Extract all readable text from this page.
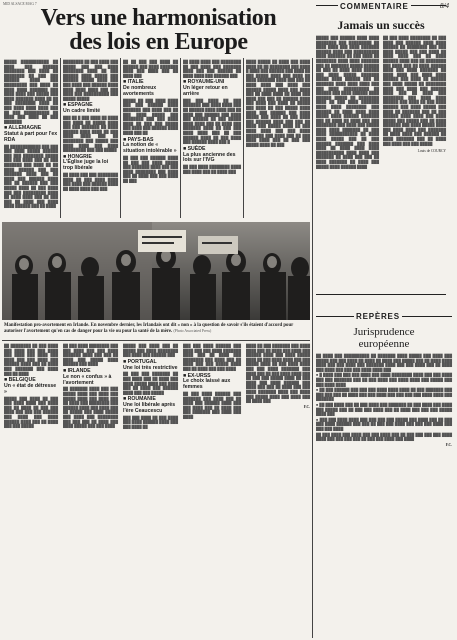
MID ALSACE MAG 7
Vers une harmonisation
des lois en Europe
COMMENTAIRE	8/4
Jamais un succès

█████ ███ ██████ ████ ████ ████████ ███ █████████ ██ ████ ████ ███ ████ ███████ ██████ ████ ███ ██████████ ████ ███████ ██ ███ ████ ██ ████████ ████ ████ ███████ ███ ██ ███████ █████ ██████ ██ ███ ██ ████ ████ ██████ ███ ████ █████ ███████ █████ ████ ██████ ███ ██ ███████ ████ ████ ████ ███ ███ ████ ██████████ ██ ██████ ███ ████ ██████ ████ ██████ █████ ██ ████████ ████ ██ ███ ████ ███████ ████ ████ ████████ ███ ██████ ██ ████ ████ ████ █████ ████ ██████ ███████ ███ ██ ████ ██ ████ ███ ███ ████████ ███ ████ ███ █████ ████ ████ ███████ ██ ███ ████ ███████████ ██ ████ ████ █████ ███ ██ ███ ██████ ███████ ███ ████ ████ ██ ████ ████ ████ ███████████ ████ ████ ███ ███████ ██ ████ ███ ███ ██ ████ ███████ ██ ████ ███ █████ ████ ██████ ████

██ ███ ████ ████████ ██ ███ ████ ███ ██████ ████ ████ ██████ ██ ████████ ███ ███ ████ █████ ███ ███ ████ ██ ████ ████ ███ ██ ████ ██████ ████ ███ ██ ████████ ███ ████ ███ ██ ████ ██████ ████ ███ ████ ███████ ██ ████ ████ ███ ████ ████ ██████ ███ ████ ██ ██████ ███ ████ █████ ██ ████████ ████ ███ ████ ███ ██████ ████ ███ ██ ████ ███ ████████ ███ ████ ████ ██████ ███ ████ ██ ███ ████ ██████ ███ ████ █████ ███ ████ ██ ███████ ███ ██ ███ ██████ ████ ████ ███ ████ █████ ███ █████ ███ ██ ████ ███████ ███ ████ █████ ████ ███ ████ ████ ███ ███████ ██ ████ ████ ███ ██████ ██ ████ ███████ ███ ██ ████ ███ ████ ███ ███ █████

Louis de COURCY

█████ ███████████ ██ ████ ███ ██████ ████████ ███ ████ ██ ████████ ██ ███ ███ ██████ ████ ███ █████████ ███ ████ ██ ████ ████ ███████ ███ ████ ████ ███ █████ ███ ████ ███████ ████ ██ ██ ███ ████████ ████ ██ ███ ████ ████ ████ ███ ██ ███ ██████████ ██ ████ ███ ████ ██ ███ ███████

■ ALLEMAGNE
Statut à part pour l'ex RDA

██ ████████████ ███ ███ ███ ████ █████ ██████ ███ ███ ████████ █████ ███ ███ ████ ███ ██ ███ ███████ ███ ████ ██ ██ ████ ██████ ███ ███ ███████ ████ ███ ██ ████ ███ ██████ ████ ███ ██ ██████ ███ ███ █████ ████ ██ ███ ████ ███ ███ █████████ ████ ██ ████ ████ ███ ██ ███ ███ ██ ████ ███ ████ ████ ██████ ███ ██ ████

████████ ██ ███ ████ ███ █████ ███ ███ ████ ████████ ████ ██ ███ ██████ ████ █████ ███ ██████ █████ ████ ███ ███ ████ ███ ██████ ████ ████ ████ ████ ███ ███ ████ ███ ██████████ ███ █████ █████

■ ESPAGNE
Un cadre limité

███ ██ █ ███ ████ ██ ████ ███ ████ ██ █████ ████ ███ ███ ███████ ██ ████ ██████ ████ ████ ██ ███ ████ ████ ███ ██ ████████ ███ █████ ███ ████ ████ ███ ████ █████████ ███ ███ █████

■ HONGRIE
L'Église juge la loi trop libérale

██ ████ ███ ███ ████████ ████ ██ ███ ████ ████ ███ ████ ███ ██████ ████ ██ ████ ████ ███ ███

██ ██ ███ ███ ████ ██ ██████ ███ ████ ███████ ████ ███ ████ ███ ██ ████ ███

■ ITALIE
De nombreux avortements

█████ ██ ███ ████ ████ ███ ███ ██████ ████ ███████ ███ ████ ███ ██ ███ ████ █████ ███ ████████ ███ ███ ████ ████ ██ ███ ███ █████ ███ ████ ███ ██████ ████ ████ ███ ██

■ PAYS-BAS
La notion de « situation intolérable »

██ ███ ███ ██████ ████ ██ ███ ███ ████ █████ ███ ███████ ████ ███ ███ ████ ████████ ███ ████ ███ ██ ████ ███ ███ ████ ██ ███

██ ████ ████ ███ ████████ ██ ███ ████ ███ ███████ ████ ███ ███ ██████ ██ ████ ████ ███ ██████ ███

■ ROYAUME-UNI
Un léger retour en arrière

███ ███ ████ ██ ███ ███████ ███ ████ ████ ███ ██ ██████ ████ ████ ███ ██ ████ ███ ██████ ███ ████ ███ ██████ ██ ███ █████ ████ ████ ███ ██ ████ ███ ███████ ████ ██ ███ ███ ████ ████ ███ ██ ███ ██████ ████ ██ ███ ████ ███ ██████ ████ ███ █

■ SUÈDE
La plus ancienne des lois sur l'IVG

██ ███ ████ ████████ ████ ███ ████ ███ ██ ████ ███

████ █████ ██ ████ ███ ████ ████ ██ ██ ████████ ███ ████ █ ████ ███ ██████ ███ ████ ██ ███ █████ ████ ███ ████ ██ ████ ███████ ████ ███ ███ ██ ████ ████ ███ ████ ███ ██████ █████ ████ ███ ████ ███ ██ ████ ████ ██ ████ ███ ████ ███ ███ ██ ██████ ████ ███ ████ ███ ████ ██ █████ ███ ████ ██ ███ █████ ████ ████ ███ ██████ ███ ████ █████ ███ ████ ██ ███ ████ ███ ██████ ████ ███ ███ ██ ████ ███ █████ ████ ██ ███ ████ ████ ███ ███ ████ ███████ ███ ████ ███ ██ ███ ████ ████ ███ ██ ███ ███ █████ ████ ██ ███

Manifestation pro-avortement en Irlande. En novembre dernier, les Irlandais ont dit « non » à la question de savoir s'ils étaient d'accord pour autoriser l'avortement qu'en cas de danger pour la vie ou pour la santé de la mère. (Photo Associated Press)

██ ████████ ██ ███ ████ ███ ████ ███ ███ ████ ███ ████ ███ ████ ███ ████ ███ ███ ████ ███ ██████ ████ ███ ██ ████ ███ ███████ ███ ████ ███ ██ ████

■ BELGIQUE
Un « état de détresse »

█████ ███ ████ ██ ███ ███ ████ ████ ███ ████ ███ ██ ████ ██ ███ ███ ████ ███ ███ ███ ██████ ███ ████ ███ ████ ██████ ████ ███ ██ ████ ███ ███ █████

██ ███ ████ ████████ ███ ███ ████ ███ ███ ████ ███████ ████ ███ ███ ██ ████ ███ █████ ████ ██████ ███ ████

■ IRLANDE
Le non « confus » à l'avortement

██ ███████ ████ ███ ███ █████ ████ ███ ████ ███ █████ ████ ███ ████ ███ ██ ████ ███ ████████ ███ ██████ ████ ███ ████ ███ ██ █████ ███ ████ █████ ███ ████ ███ ████████ ███ ███ ███ ██ ████ ███ ████ █████ ███ ███ ████

█████ ███ ████ ███ ██ █████ ███ ████ ████████ ███ ████ ███ ██████ ███

■ PORTUGAL
Une loi très restrictive

██ ███ ███ ███████ ██ ███ ████ ███ ██ ████ ███ ████ █████ ████ ███ ████ ███ ██ ████ ███ ██████ ████ ███ ███ █████

■ ROUMANIE
Une loi libérale après l'ère Ceaucescu

███ ███ ████ ██ ███ ████ ███ ████ ██████ ████ ███ ███ ████ ██

███ ███ ████ ██████ ███ ████ ███ ███ ████ ███████ ████ ███ ██ ████ ███ ████████ ███ ████ ███ ██ ████ ███ ███ █████ ████ ███ ██ ████ ███ ███ ████

■ EX-URSS
Le choix laissé aux femmes

██ ███ ████ ██████ ███ ███████ ███ ████ ███ ██ ████ ███ ██████ ████ ███ ███ ████ ███ ██ ████ ███ ███ ███████ ███ ████ ███ ████

████ ██ ███ ███████ ███ ████ ████ ███ ██ ████ ███ ████ ███ ██████ ████ ███ ████ █████ ████ ██ ███ ████ ████ ███ ███ █████ ████ ██ ███ ████ ████ ███ ███ ████ ███████ ███ ████ ███ ██ ███ ████ ████ ███ ██ ███ ███ █████ ████ ██ ███ ████ ███ ████ ██████ ███ ████ ███ ███ ██ ████ ███ ███ ████ ███████ ████ ███ ████ ███ █████ ████ ███ ████ ███ ██ ████ ███

F.C.
REPÈRES
Jurisprudence
européenne

██ ████ ███ ██████████ ██ ███████ ████ █████ ███ ████ ███ █████ ███ ███ ████ ██ ████ ██ ████ ███ █████ ███ ██ ████ ████ ████ ███ ███ ████ ███ ███████ ████ ███ ███ ████ ███ ██ ████ ███ ████ ███ ███ ███ ████ ████ ███

■ █ ████ ███ ███ ███ ████ ███ ████ ████████ ████ ███ ███ ████ ███ ███ ███████ ███ ██ ███ ████ ███ ████ ████ ███ █████ ███ ███ ████ ████

■ ██ ███ ██████ ███ ███ ███ ████ ████ ████ ██ ███ ███████ ███ ███ ███ ███ ██ ████ ███ ███ ████ ███ ███ ███ ███ ████ ████ ███ ███████

■ ██ ███ ████ ███ ██ ███ ████ ███ ███████ ██ ███ ████ ███ ████ ███ █████ ███ ██ ███ ███ ████ ███ ██ ████ ███ ███ ███ █████ ████ ███

■ ███ ███ ████ ████ ███ ███ ███ ███ █████ ███ ████ ███ ██ ███ ███ ████ ██████ ███ ███ ██ ███ ███ ████ ███ ███ ███ ████ ███ ███ ███ ████

██ ███ ████ ███ ████ ███ ███ ████ ███ ██ ███ ███ ███ ███ ████ ████ ███ ███ ███ ███ ██ ███ ███ ████ ███ ████

F.C.
